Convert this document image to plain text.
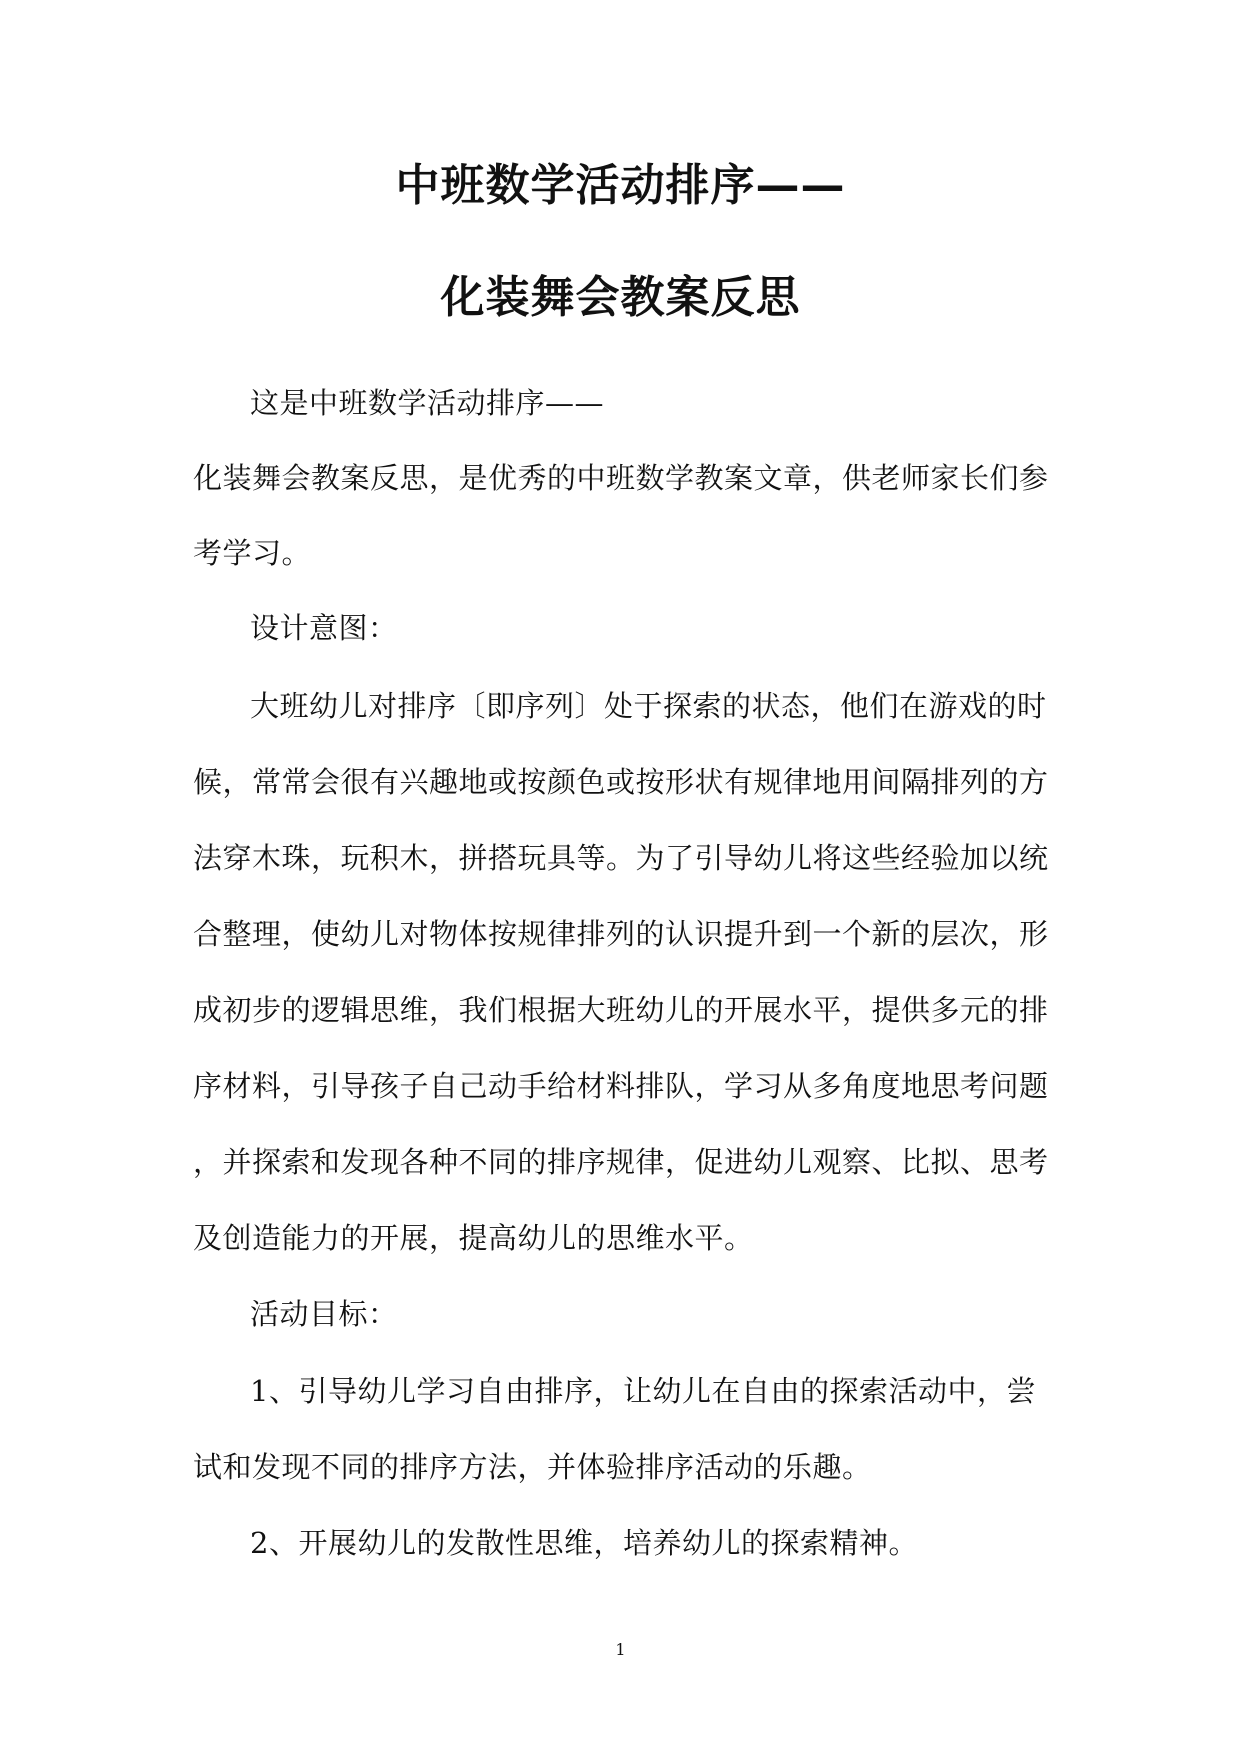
中班数学活动排序——
化装舞会教案反思
这是中班数学活动排序——
化装舞会教案反思，是优秀的中班数学教案文章，供老师家长们参
考学习。
设计意图：
大班幼儿对排序〔即序列〕处于探索的状态，他们在游戏的时
候，常常会很有兴趣地或按颜色或按形状有规律地用间隔排列的方
法穿木珠，玩积木，拼搭玩具等。为了引导幼儿将这些经验加以统
合整理，使幼儿对物体按规律排列的认识提升到一个新的层次，形
成初步的逻辑思维，我们根据大班幼儿的开展水平，提供多元的排
序材料，引导孩子自己动手给材料排队，学习从多角度地思考问题
，并探索和发现各种不同的排序规律，促进幼儿观察、比拟、思考
及创造能力的开展，提高幼儿的思维水平。
活动目标：
1、引导幼儿学习自由排序，让幼儿在自由的探索活动中，尝
试和发现不同的排序方法，并体验排序活动的乐趣。
2、开展幼儿的发散性思维，培养幼儿的探索精神。
1
